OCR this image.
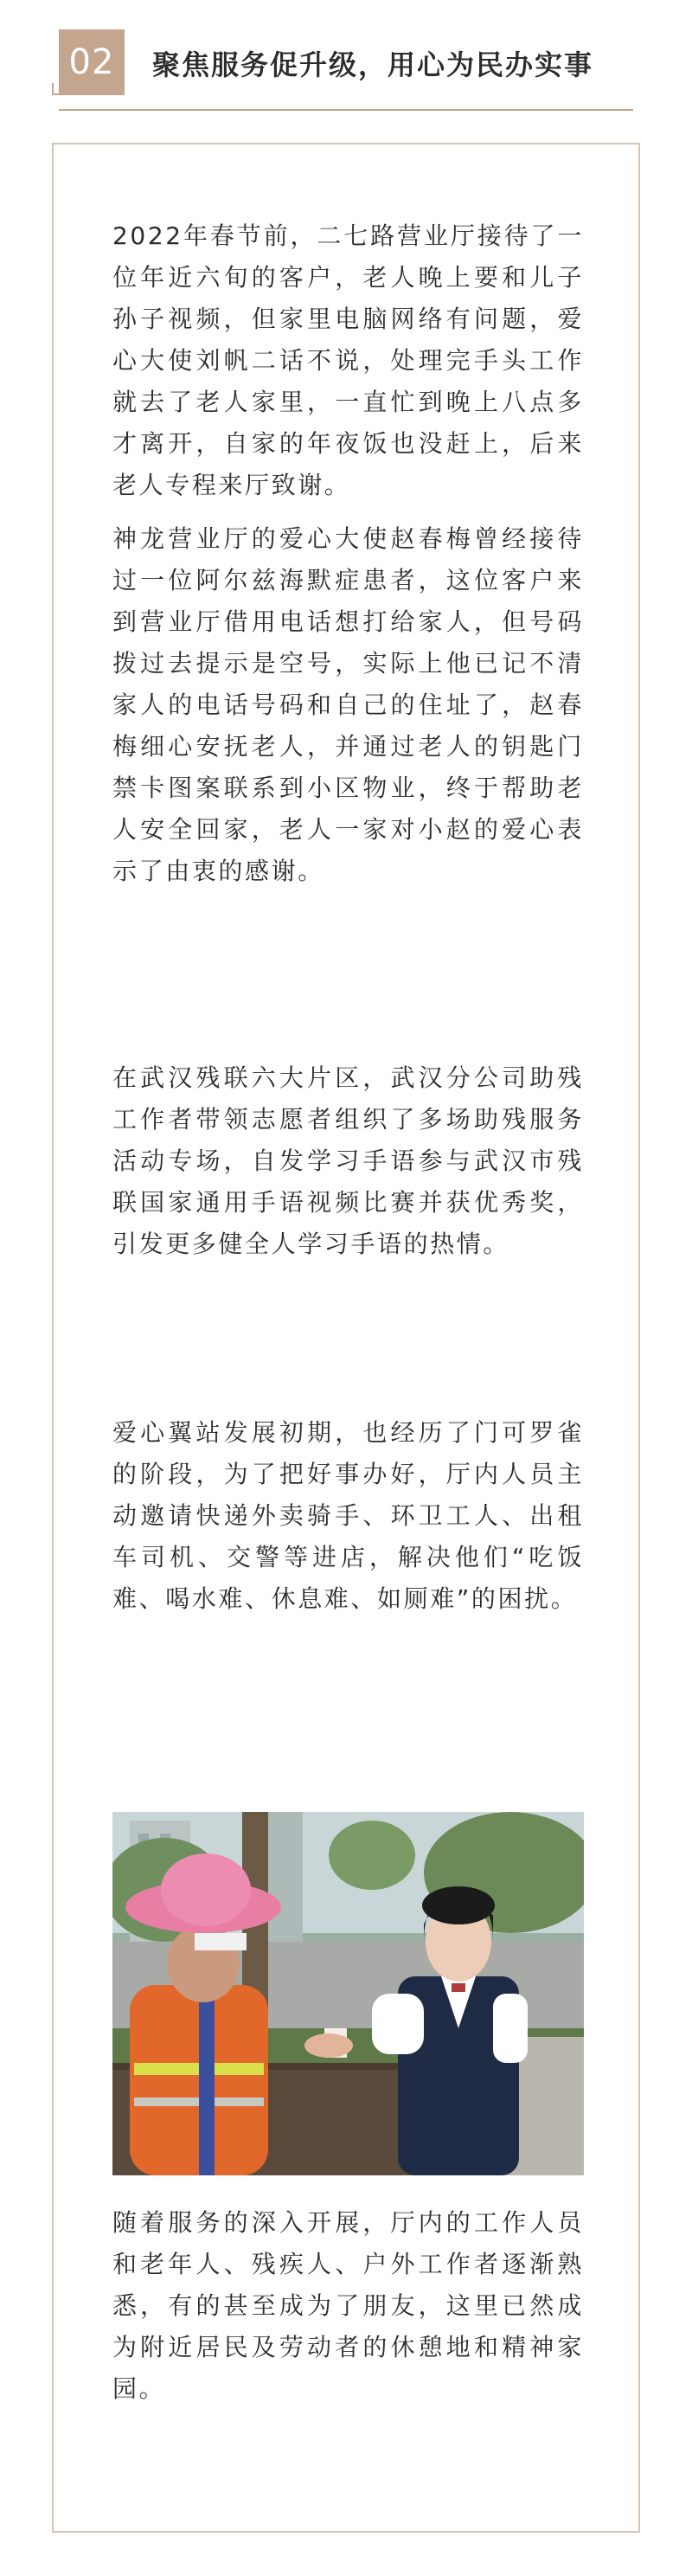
02	聚焦服务促升级，用心为民办实事

2022年春节前，二七路营业厅接待了一位年近六旬的客户，老人晚上要和儿子孙子视频，但家里电脑网络有问题，爱心大使刘帆二话不说，处理完手头工作就去了老人家里，一直忙到晚上八点多才离开，自家的年夜饭也没赶上，后来老人专程来厅致谢。

神龙营业厅的爱心大使赵春梅曾经接待过一位阿尔兹海默症患者，这位客户来到营业厅借用电话想打给家人，但号码拨过去提示是空号，实际上他已记不清家人的电话号码和自己的住址了，赵春梅细心安抚老人，并通过老人的钥匙门禁卡图案联系到小区物业，终于帮助老人安全回家，老人一家对小赵的爱心表示了由衷的感谢。

在武汉残联六大片区，武汉分公司助残工作者带领志愿者组织了多场助残服务活动专场，自发学习手语参与武汉市残联国家通用手语视频比赛并获优秀奖，引发更多健全人学习手语的热情。

爱心翼站发展初期，也经历了门可罗雀的阶段，为了把好事办好，厅内人员主动邀请快递外卖骑手、环卫工人、出租车司机、交警等进店，解决他们“吃饭难、喝水难、休息难、如厕难”的困扰。

随着服务的深入开展，厅内的工作人员和老年人、残疾人、户外工作者逐渐熟悉，有的甚至成为了朋友，这里已然成为附近居民及劳动者的休憩地和精神家园。
